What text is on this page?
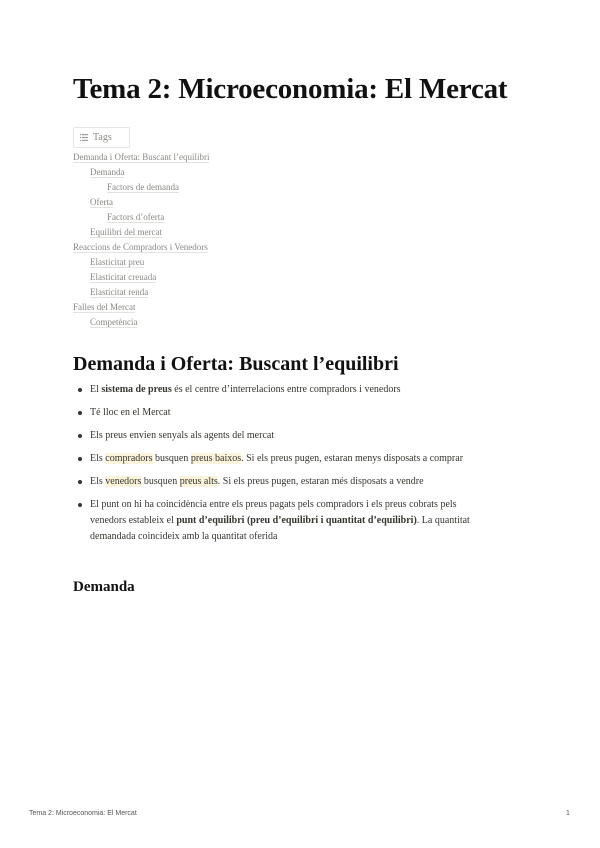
Tema 2: Microeconomia: El Mercat
Tags
Demanda i Oferta: Buscant l’equilibri
Demanda
Factors de demanda
Oferta
Factors d’oferta
Equilibri del mercat
Reaccions de Compradors i Venedors
Elasticitat preu
Elasticitat creuada
Elasticitat renda
Falles del Mercat
Competència
Demanda i Oferta: Buscant l’equilibri
El sistema de preus és el centre d’interrelacions entre compradors i venedors
Té lloc en el Mercat
Els preus envien senyals als agents del mercat
Els compradors busquen preus baixos. Si els preus pugen, estaran menys disposats a comprar
Els venedors busquen preus alts. Si els preus pugen, estaran més disposats a vendre
El punt on hi ha coincidència entre els preus pagats pels compradors i els preus cobrats pels venedors estableix el punt d’equilibri (preu d’equilibri i quantitat d’equilibri). La quantitat demandada coincideix amb la quantitat oferida
Demanda
Tema 2: Microeconomia: El Mercat	1
